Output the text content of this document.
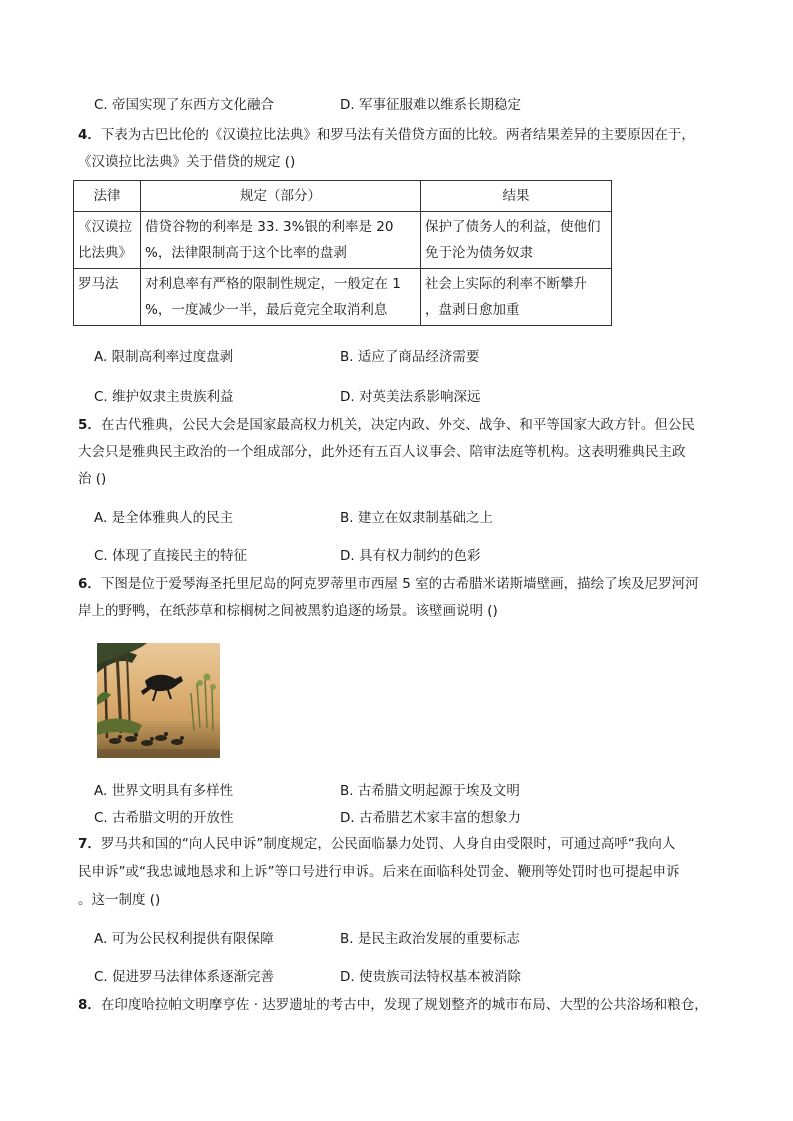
C. 帝国实现了东西方文化融合	D. 军事征服难以维系长期稳定
4．下表为古巴比伦的《汉谟拉比法典》和罗马法有关借贷方面的比较。两者结果差异的主要原因在于，
《汉谟拉比法典》关于借贷的规定 ()
法律	规定（部分）	结果
《汉谟拉
比法典》	借贷谷物的利率是 33. 3%银的利率是 20
%，法律限制高于这个比率的盘剥	保护了债务人的利益，使他们
免于沦为债务奴隶
罗马法	对利息率有严格的限制性规定，一般定在 1
%，一度减少一半，最后竟完全取消利息	社会上实际的利率不断攀升
，盘剥日愈加重
A. 限制高利率过度盘剥	B. 适应了商品经济需要
C. 维护奴隶主贵族利益	D. 对英美法系影响深远
5．在古代雅典，公民大会是国家最高权力机关，决定内政、外交、战争、和平等国家大政方针。但公民
大会只是雅典民主政治的一个组成部分，此外还有五百人议事会、陪审法庭等机构。这表明雅典民主政
治 ()
A. 是全体雅典人的民主	B. 建立在奴隶制基础之上
C. 体现了直接民主的特征	D. 具有权力制约的色彩
6．下图是位于爱琴海圣托里尼岛的阿克罗蒂里市西屋 5 室的古希腊米诺斯墙壁画，描绘了埃及尼罗河河
岸上的野鸭，在纸莎草和棕榈树之间被黑豹追逐的场景。该壁画说明 ()
A. 世界文明具有多样性	B. 古希腊文明起源于埃及文明
C. 古希腊文明的开放性	D. 古希腊艺术家丰富的想象力
7．罗马共和国的“向人民申诉”制度规定，公民面临暴力处罚、人身自由受限时，可通过高呼“我向人
民申诉”或“我忠诚地恳求和上诉”等口号进行申诉。后来在面临科处罚金、鞭刑等处罚时也可提起申诉
。这一制度 ()
A. 可为公民权利提供有限保障	B. 是民主政治发展的重要标志
C. 促进罗马法律体系逐渐完善	D. 使贵族司法特权基本被消除
8．在印度哈拉帕文明摩亨佐 · 达罗遗址的考古中，发现了规划整齐的城市布局、大型的公共浴场和粮仓，
